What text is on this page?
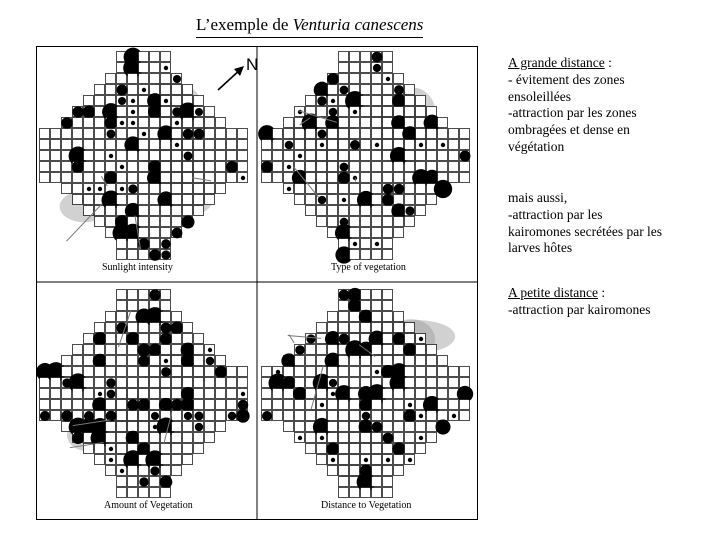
L’exemple de Venturia canescens
Sunlight intensity	Type of vegetation
Amount of Vegetation	Distance to Vegetation
N	A grande distance :
- évitement des zones
ensoleillées
-attraction par les zones
ombragées et dense en
végétation
mais aussi,
-attraction par les
kairomones secrétées par les
larves hôtes
A petite distance :
-attraction par kairomones
